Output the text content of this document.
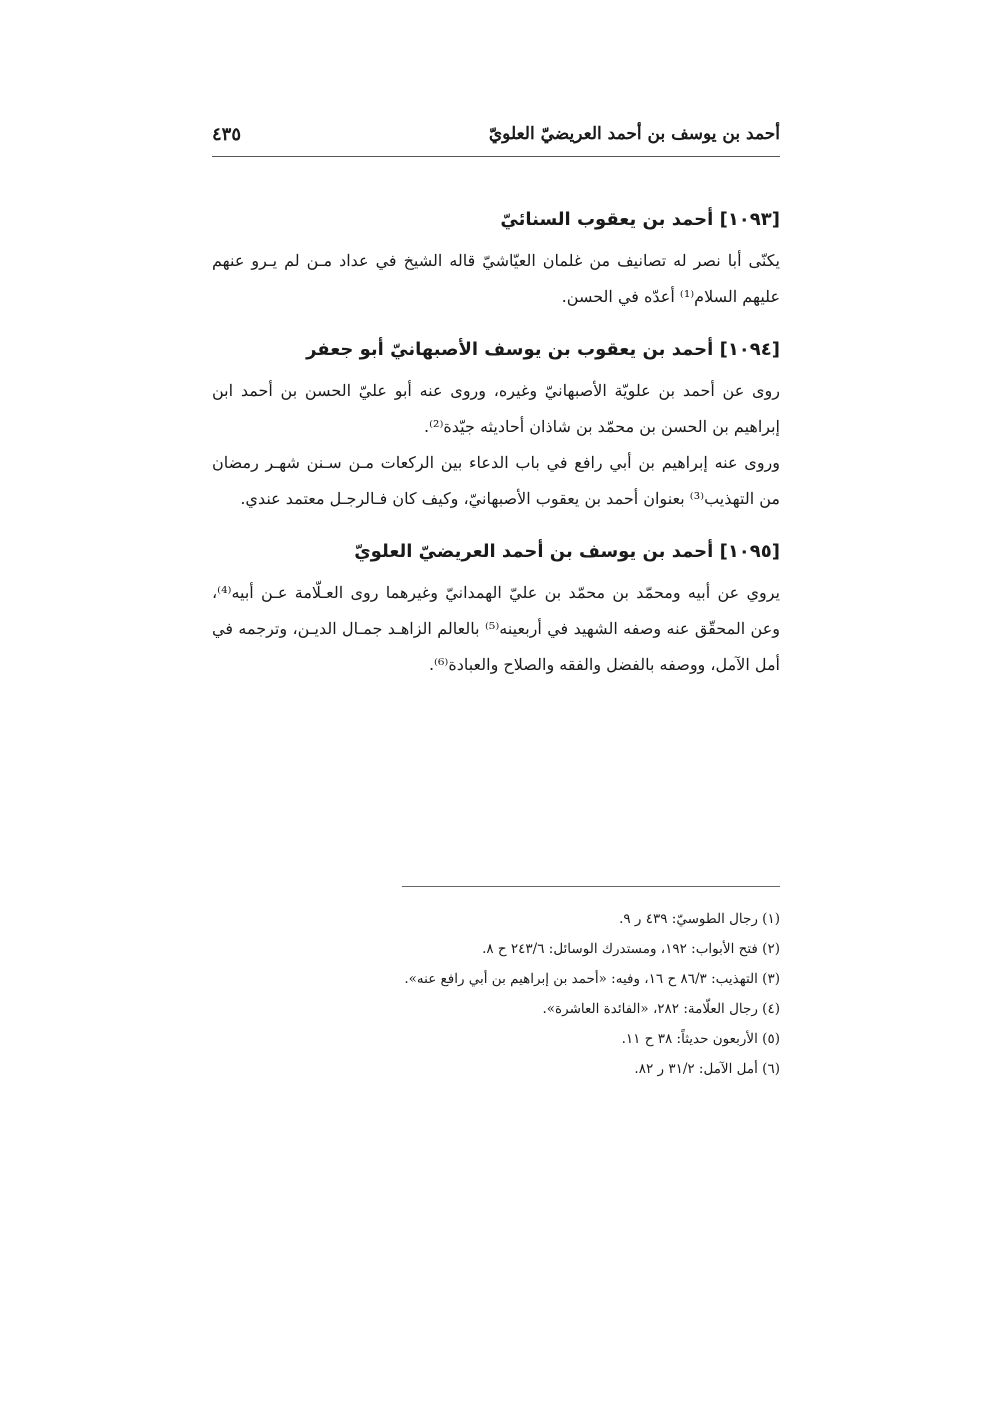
أحمد بن يوسف بن أحمد العريضيّ العلويّ
٤٣٥
[١٠٩٣] أحمد بن يعقوب السنائيّ

يكنّى أبا نصر له تصانيف من غلمان العيّاشيّ قاله الشيخ في عداد مـن لم يـرو عنهم عليهم السلام⁽¹⁾ أعدّه في الحسن.

[١٠٩٤] أحمد بن يعقوب بن يوسف الأصبهانيّ أبو جعفر

روى عن أحمد بن علويّة الأصبهانيّ وغيره، وروى عنه أبو عليّ الحسن بن أحمد ابن إبراهيم بن الحسن بن محمّد بن شاذان أحاديثه جيّدة⁽²⁾.

وروى عنه إبراهيم بن أبي رافع في باب الدعاء بين الركعات مـن سـنن شهـر رمضان من التهذيب⁽³⁾ بعنوان أحمد بن يعقوب الأصبهانيّ، وكيف كان فـالرجـل معتمد عندي.

[١٠٩٥] أحمد بن يوسف بن أحمد العريضيّ العلويّ

يروي عن أبيه ومحمّد بن محمّد بن عليّ الهمدانيّ وغيرهما روى العـلّامة عـن أبيه⁽⁴⁾، وعن المحقّق عنه وصفه الشهيد في أربعينه⁽⁵⁾ بالعالم الزاهـد جمـال الديـن، وترجمه في أمل الآمل، ووصفه بالفضل والفقه والصلاح والعبادة⁽⁶⁾.

(١) رجال الطوسيّ: ٤٣٩ ر ٩.

(٢) فتح الأبواب: ١٩٢، ومستدرك الوسائل: ٢٤٣/٦ ح ٨.

(٣) التهذيب: ٨٦/٣ ح ١٦، وفيه: «أحمد بن إبراهيم بن أبي رافع عنه».

(٤) رجال العلّامة: ٢٨٢، «الفائدة العاشرة».

(٥) الأربعون حديثاً: ٣٨ ح ١١.

(٦) أمل الآمل: ٣١/٢ ر ٨٢.
